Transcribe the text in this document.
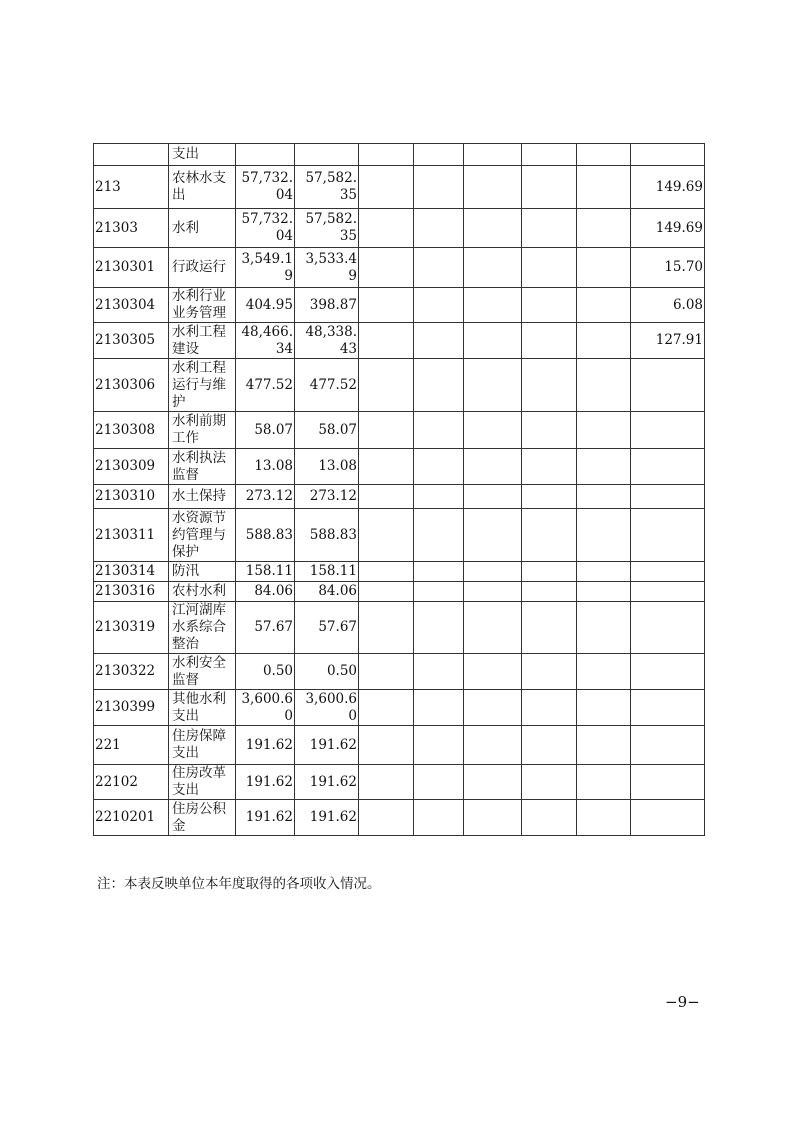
	支出								
213	农林水支出	57,732.04	57,582.35						149.69
21303	水利	57,732.04	57,582.35						149.69
2130301	行政运行	3,549.19	3,533.49						15.70
2130304	水利行业业务管理	404.95	398.87						6.08
2130305	水利工程建设	48,466.34	48,338.43						127.91
2130306	水利工程运行与维护	477.52	477.52						
2130308	水利前期工作	58.07	58.07						
2130309	水利执法监督	13.08	13.08						
2130310	水土保持	273.12	273.12						
2130311	水资源节约管理与保护	588.83	588.83						
2130314	防汛	158.11	158.11						
2130316	农村水利	84.06	84.06						
2130319	江河湖库水系综合整治	57.67	57.67						
2130322	水利安全监督	0.50	0.50						
2130399	其他水利支出	3,600.60	3,600.60						
221	住房保障支出	191.62	191.62						
22102	住房改革支出	191.62	191.62						
2210201	住房公积金	191.62	191.62						
注：本表反映单位本年度取得的各项收入情况。
−9−
